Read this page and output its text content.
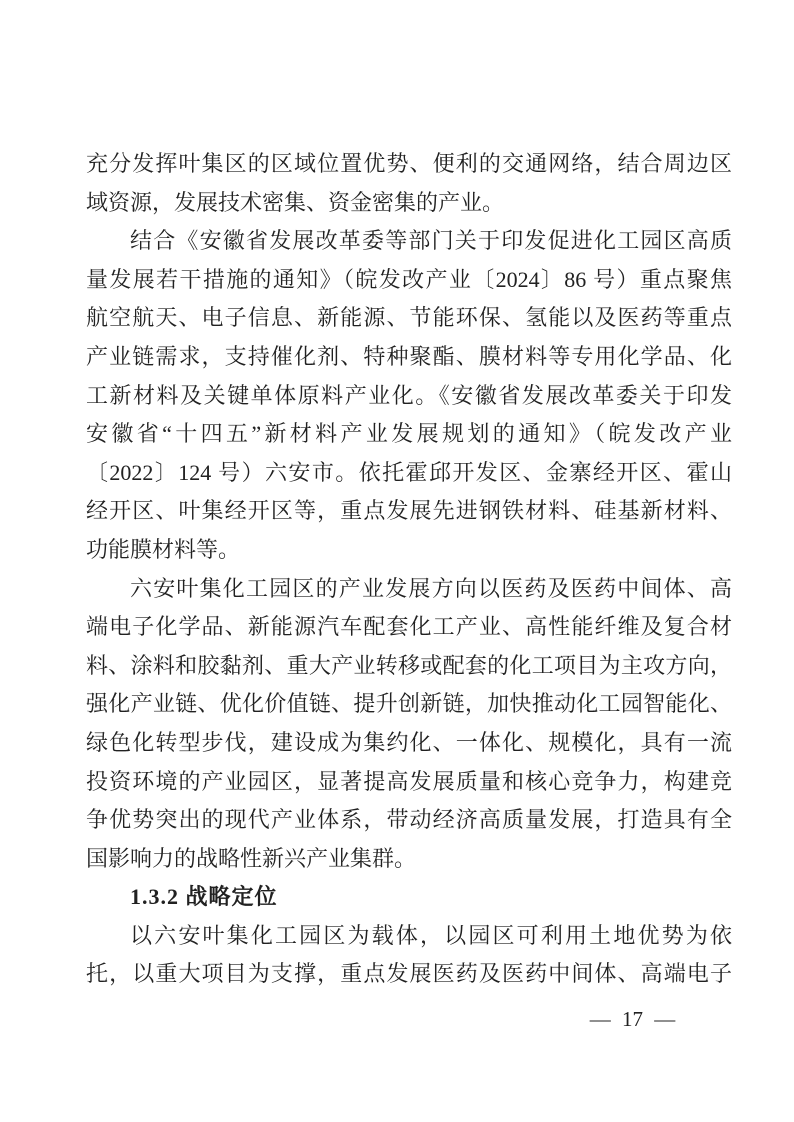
充分发挥叶集区的区域位置优势、便利的交通网络，结合周边区
域资源，发展技术密集、资金密集的产业。
结合《安徽省发展改革委等部门关于印发促进化工园区高质
量发展若干措施的通知》（皖发改产业〔2024〕86 号）重点聚焦
航空航天、电子信息、新能源、节能环保、氢能以及医药等重点
产业链需求，支持催化剂、特种聚酯、膜材料等专用化学品、化
工新材料及关键单体原料产业化。《安徽省发展改革委关于印发
安徽省“十四五”新材料产业发展规划的通知》（皖发改产业
〔2022〕124 号）六安市。依托霍邱开发区、金寨经开区、霍山
经开区、叶集经开区等，重点发展先进钢铁材料、硅基新材料、
功能膜材料等。
六安叶集化工园区的产业发展方向以医药及医药中间体、高
端电子化学品、新能源汽车配套化工产业、高性能纤维及复合材
料、涂料和胶黏剂、重大产业转移或配套的化工项目为主攻方向，
强化产业链、优化价值链、提升创新链，加快推动化工园智能化、
绿色化转型步伐，建设成为集约化、一体化、规模化，具有一流
投资环境的产业园区，显著提高发展质量和核心竞争力，构建竞
争优势突出的现代产业体系，带动经济高质量发展，打造具有全
国影响力的战略性新兴产业集群。
1.3.2 战略定位
以六安叶集化工园区为载体，以园区可利用土地优势为依
托，以重大项目为支撑，重点发展医药及医药中间体、高端电子
— 17 —
